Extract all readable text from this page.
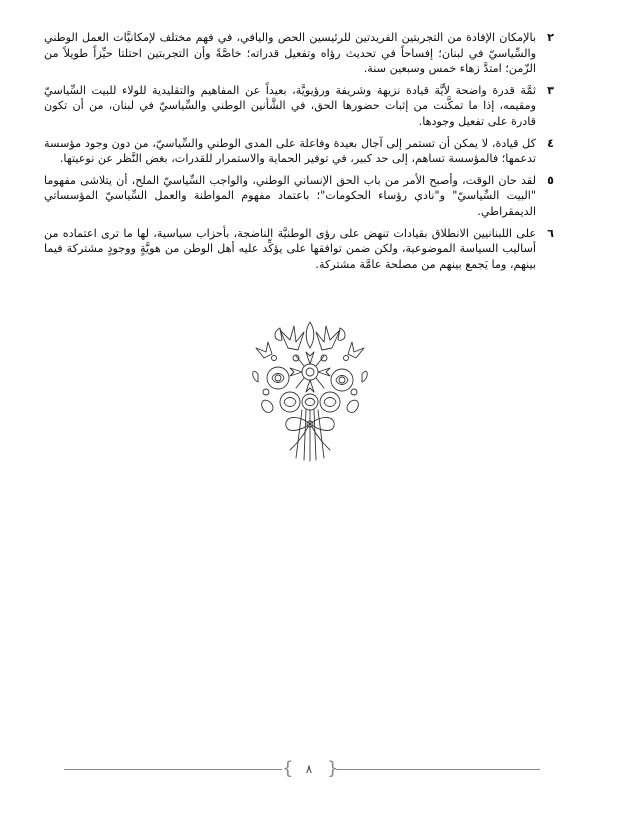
٢
بالإمكان الإفادة من التجربتين الفريدتين للرئيسين الحص واليافي، في فهم مختلف لإمكانيَّات العمل الوطني والسِّياسيّ في لبنان؛ إفساحاً في تحديث رؤاه وتفعيل قدراته؛ خاصَّةً وأن التجربتين احتلتا حيِّزاً طويلاً من الزّمن؛ امتدَّ زهاء خمس وسبعين سنة.
٣
ثمَّة قدرة واضحة لأيَّة قيادة نزيهة وشريفة ورؤيويَّة، بعيداً عن المفاهيم والتقليدية للولاء للبيت السِّياسيّ ومقيمه، إذا ما تمكَّنت من إثبات حضورها الحق، في الشَّأنين الوطني والسِّياسيّ في لبنان، من أن تكون قادرة على تفعيل وجودها.
٤
كل قيادة، لا يمكن أن تستمر إلى آجال بعيدة وفاعلة على المدى الوطني والسِّياسيّ، من دون وجود مؤسسة تدعمها؛ فالمؤسسة تساهم، إلى حد كبير، في توفير الحماية والاستمرار للقدرات، بغض النَّظر عن نوعيتها.
٥
لقد حان الوقت، وأصبح الأمر من باب الحق الإنساني الوطني، والواجب السِّياسيّ الملح، أن يتلاشى مفهوما "البيت السِّياسيّ" و"نادي رؤساء الحكومات"؛ باعتماد مفهوم المواطنة والعمل السِّياسيّ المؤسساتي الديمقراطي.
٦
على اللبنانيين الانطلاق بقيادات تنهض على رؤى الوطنيَّة الناضجة، بأحزاب سياسية، لها ما ترى اعتماده من أساليب السياسة الموضوعية، ولكن ضمن توافقها على يؤكِّد عليه أهل الوطن من هويَّةٍ ووجودٍ مشتركة فيما بينهم، وما يَجمع بينهم من مصلحة عامَّة مشتركة.
{ }
٨
